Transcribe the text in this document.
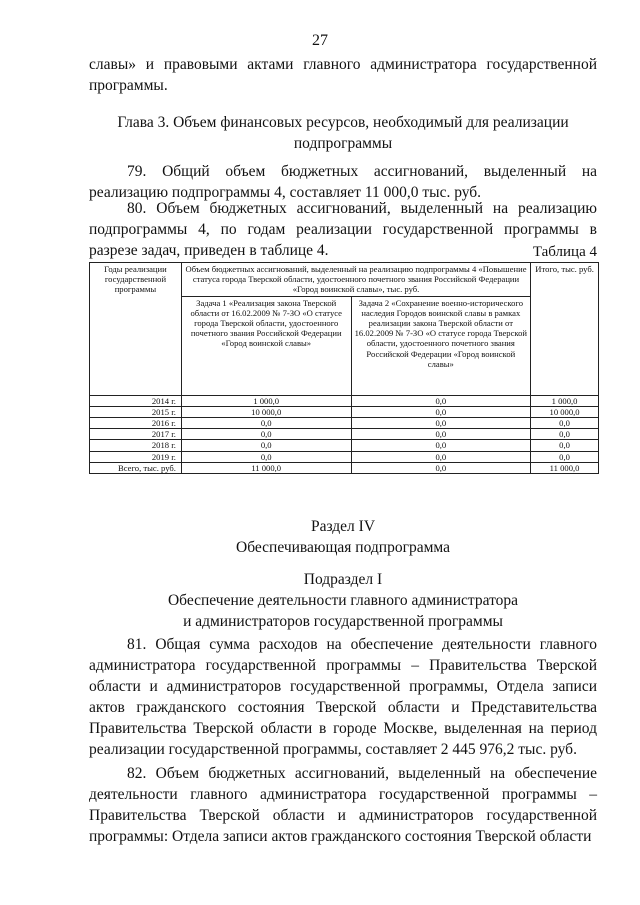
27

славы» и правовыми актами главного администратора государственной программы.

Глава 3. Объем финансовых ресурсов, необходимый для реализации
подпрограммы

79. Общий объем бюджетных ассигнований, выделенный на реализацию подпрограммы 4, составляет 11 000,0 тыс. руб.

80. Объем бюджетных ассигнований, выделенный на реализацию подпрограммы 4, по годам реализации государственной программы в разрезе задач, приведен в таблице 4.	Таблица 4
Годы реализации государственной программы	Объем бюджетных ассигнований, выделенный на реализацию подпрограммы 4 «Повышение статуса города Тверской области, удостоенного почетного звания Российской Федерации «Город воинской славы», тыс. руб.		Итого, тыс. руб.
	Задача 1 «Реализация закона Тверской области от 16.02.2009 № 7-ЗО «О статусе города Тверской области, удостоенного почетного звания Российской Федерации «Город воинской славы»	Задача 2 «Сохранение военно-исторического наследия Городов воинской славы в рамках реализации закона Тверской области от 16.02.2009 № 7-ЗО «О статусе города Тверской области, удостоенного почетного звания Российской Федерации «Город воинской славы»	
2014 г.	1 000,0	0,0	1 000,0
2015 г.	10 000,0	0,0	10 000,0
2016 г.	0,0	0,0	0,0
2017 г.	0,0	0,0	0,0
2018 г.	0,0	0,0	0,0
2019 г.	0,0	0,0	0,0
Всего, тыс. руб.	11 000,0	0,0	11 000,0
Раздел IV
Обеспечивающая подпрограмма
Подраздел I
Обеспечение деятельности главного администратора
и администраторов государственной программы

81. Общая сумма расходов на обеспечение деятельности главного администратора государственной программы – Правительства Тверской области и администраторов государственной программы, Отдела записи актов гражданского состояния Тверской области и Представительства Правительства Тверской области в городе Москве, выделенная на период реализации государственной программы, составляет 2 445 976,2 тыс. руб.

82. Объем бюджетных ассигнований, выделенный на обеспечение деятельности главного администратора государственной программы – Правительства Тверской области и администраторов государственной программы: Отдела записи актов гражданского состояния Тверской области
